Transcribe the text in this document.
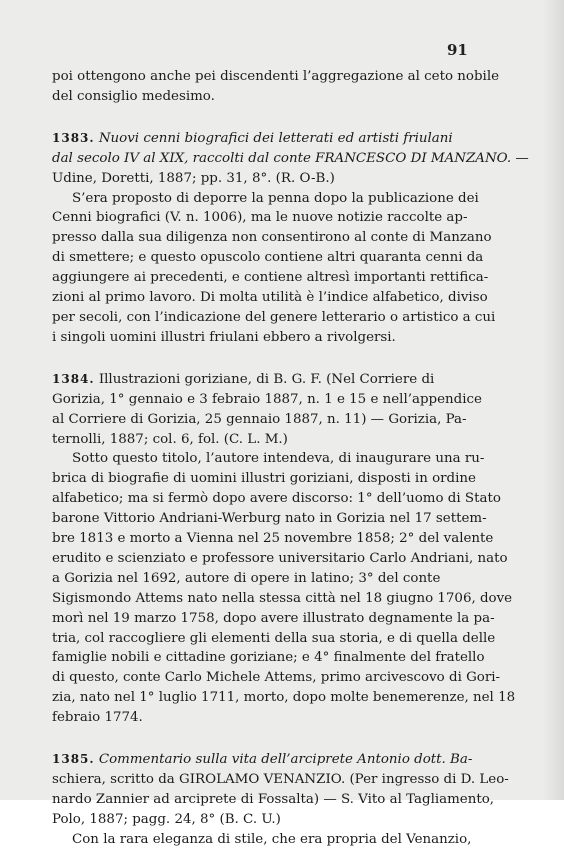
91
poi ottengono anche pei discendenti l’aggregazione al ceto nobile
del consiglio medesimo.
1383. Nuovi cenni biografici dei letterati ed artisti friulani
dal secolo IV al XIX, raccolti dal conte FRANCESCO DI MANZANO. —
Udine, Doretti, 1887; pp. 31, 8°. (R. O-B.)
S’era proposto di deporre la penna dopo la publicazione dei
Cenni biografici (V. n. 1006), ma le nuove notizie raccolte ap-
presso dalla sua diligenza non consentirono al conte di Manzano
di smettere; e questo opuscolo contiene altri quaranta cenni da
aggiungere ai precedenti, e contiene altresì importanti rettifica-
zioni al primo lavoro. Di molta utilità è l’indice alfabetico, diviso
per secoli, con l’indicazione del genere letterario o artistico a cui
i singoli uomini illustri friulani ebbero a rivolgersi.
1384. Illustrazioni goriziane, di B. G. F. (Nel Corriere di
Gorizia, 1° gennaio e 3 febraio 1887, n. 1 e 15 e nell’appendice
al Corriere di Gorizia, 25 gennaio 1887, n. 11) — Gorizia, Pa-
ternolli, 1887; col. 6, fol. (C. L. M.)
Sotto questo titolo, l’autore intendeva, di inaugurare una ru-
brica di biografie di uomini illustri goriziani, disposti in ordine
alfabetico; ma si fermò dopo avere discorso: 1° dell’uomo di Stato
barone Vittorio Andriani-Werburg nato in Gorizia nel 17 settem-
bre 1813 e morto a Vienna nel 25 novembre 1858; 2° del valente
erudito e scienziato e professore universitario Carlo Andriani, nato
a Gorizia nel 1692, autore di opere in latino; 3° del conte
Sigismondo Attems nato nella stessa città nel 18 giugno 1706, dove
morì nel 19 marzo 1758, dopo avere illustrato degnamente la pa-
tria, col raccogliere gli elementi della sua storia, e di quella delle
famiglie nobili e cittadine goriziane; e 4° finalmente del fratello
di questo, conte Carlo Michele Attems, primo arcivescovo di Gori-
zia, nato nel 1° luglio 1711, morto, dopo molte benemerenze, nel 18
febraio 1774.
1385. Commentario sulla vita dell’arciprete Antonio dott. Ba-
schiera, scritto da GIROLAMO VENANZIO. (Per ingresso di D. Leo-
nardo Zannier ad arciprete di Fossalta) — S. Vito al Tagliamento,
Polo, 1887; pagg. 24, 8° (B. C. U.)
Con la rara eleganza di stile, che era propria del Venanzio,
